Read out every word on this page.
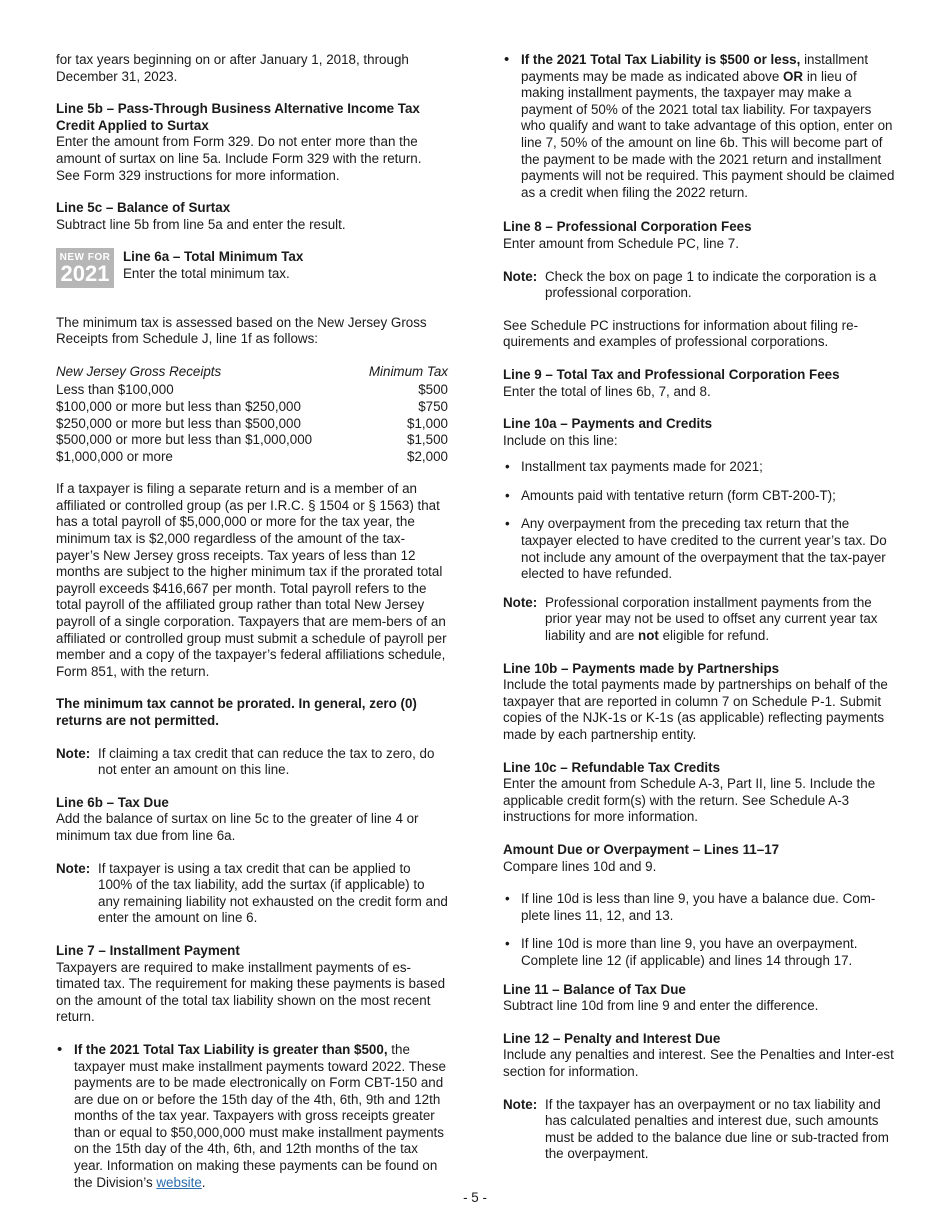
for tax years beginning on or after January 1, 2018, through December 31, 2023.

Line 5b – Pass-Through Business Alternative Income Tax Credit Applied to Surtax

Enter the amount from Form 329. Do not enter more than the amount of surtax on line 5a. Include Form 329 with the return. See Form 329 instructions for more information.

Line 5c – Balance of Surtax

Subtract line 5b from line 5a and enter the result.

NEW FOR
2021
Line 6a – Total Minimum Tax

Enter the total minimum tax.

The minimum tax is assessed based on the New Jersey Gross Receipts from Schedule J, line 1f as follows:

New Jersey Gross Receipts	Minimum Tax
Less than $100,000	$500
$100,000 or more but less than $250,000	$750
$250,000 or more but less than $500,000	$1,000
$500,000 or more but less than $1,000,000	$1,500
$1,000,000 or more	$2,000

If a taxpayer is filing a separate return and is a member of an affiliated or controlled group (as per I.R.C. § 1504 or § 1563) that has a total payroll of $5,000,000 or more for the tax year, the minimum tax is $2,000 regardless of the amount of the tax-payer’s New Jersey gross receipts. Tax years of less than 12 months are subject to the higher minimum tax if the prorated total payroll exceeds $416,667 per month. Total payroll refers to the total payroll of the affiliated group rather than total New Jersey payroll of a single corporation. Taxpayers that are mem-bers of an affiliated or controlled group must submit a schedule of payroll per member and a copy of the taxpayer’s federal affiliations schedule, Form 851, with the return.

The minimum tax cannot be prorated. In general, zero (0) returns are not permitted.

Note: If claiming a tax credit that can reduce the tax to zero, do not enter an amount on this line.
Line 6b – Tax Due

Add the balance of surtax on line 5c to the greater of line 4 or minimum tax due from line 6a.

Note: If taxpayer is using a tax credit that can be applied to 100% of the tax liability, add the surtax (if applicable) to any remaining liability not exhausted on the credit form and enter the amount on line 6.
Line 7 – Installment Payment

Taxpayers are required to make installment payments of es-timated tax. The requirement for making these payments is based on the amount of the total tax liability shown on the most recent return.

• If the 2021 Total Tax Liability is greater than $500, the taxpayer must make installment payments toward 2022. These payments are to be made electronically on Form CBT-150 and are due on or before the 15th day of the 4th, 6th, 9th and 12th months of the tax year. Taxpayers with gross receipts greater than or equal to $50,000,000 must make installment payments on the 15th day of the 4th, 6th, and 12th months of the tax year. Information on making these payments can be found on the Division’s website.
• If the 2021 Total Tax Liability is $500 or less, installment payments may be made as indicated above OR in lieu of making installment payments, the taxpayer may make a payment of 50% of the 2021 total tax liability. For taxpayers who qualify and want to take advantage of this option, enter on line 7, 50% of the amount on line 6b. This will become part of the payment to be made with the 2021 return and installment payments will not be required. This payment should be claimed as a credit when filing the 2022 return.
Line 8 – Professional Corporation Fees

Enter amount from Schedule PC, line 7.

Note: Check the box on page 1 to indicate the corporation is a professional corporation.

See Schedule PC instructions for information about filing re-quirements and examples of professional corporations.

Line 9 – Total Tax and Professional Corporation Fees

Enter the total of lines 6b, 7, and 8.

Line 10a – Payments and Credits

Include on this line:

• Installment tax payments made for 2021;
• Amounts paid with tentative return (form CBT-200-T);
• Any overpayment from the preceding tax return that the taxpayer elected to have credited to the current year’s tax. Do not include any amount of the overpayment that the tax-payer elected to have refunded.
Note: Professional corporation installment payments from the prior year may not be used to offset any current year tax liability and are not eligible for refund.
Line 10b – Payments made by Partnerships

Include the total payments made by partnerships on behalf of the taxpayer that are reported in column 7 on Schedule P-1. Submit copies of the NJK-1s or K-1s (as applicable) reflecting payments made by each partnership entity.

Line 10c – Refundable Tax Credits

Enter the amount from Schedule A-3, Part II, line 5. Include the applicable credit form(s) with the return. See Schedule A-3 instructions for more information.

Amount Due or Overpayment – Lines 11–17

Compare lines 10d and 9.

• If line 10d is less than line 9, you have a balance due. Com-plete lines 11, 12, and 13.
• If line 10d is more than line 9, you have an overpayment. Complete line 12 (if applicable) and lines 14 through 17.
Line 11 – Balance of Tax Due

Subtract line 10d from line 9 and enter the difference.

Line 12 – Penalty and Interest Due

Include any penalties and interest. See the Penalties and Inter-est section for information.

Note: If the taxpayer has an overpayment or no tax liability and has calculated penalties and interest due, such amounts must be added to the balance due line or sub-tracted from the overpayment.
- 5 -
